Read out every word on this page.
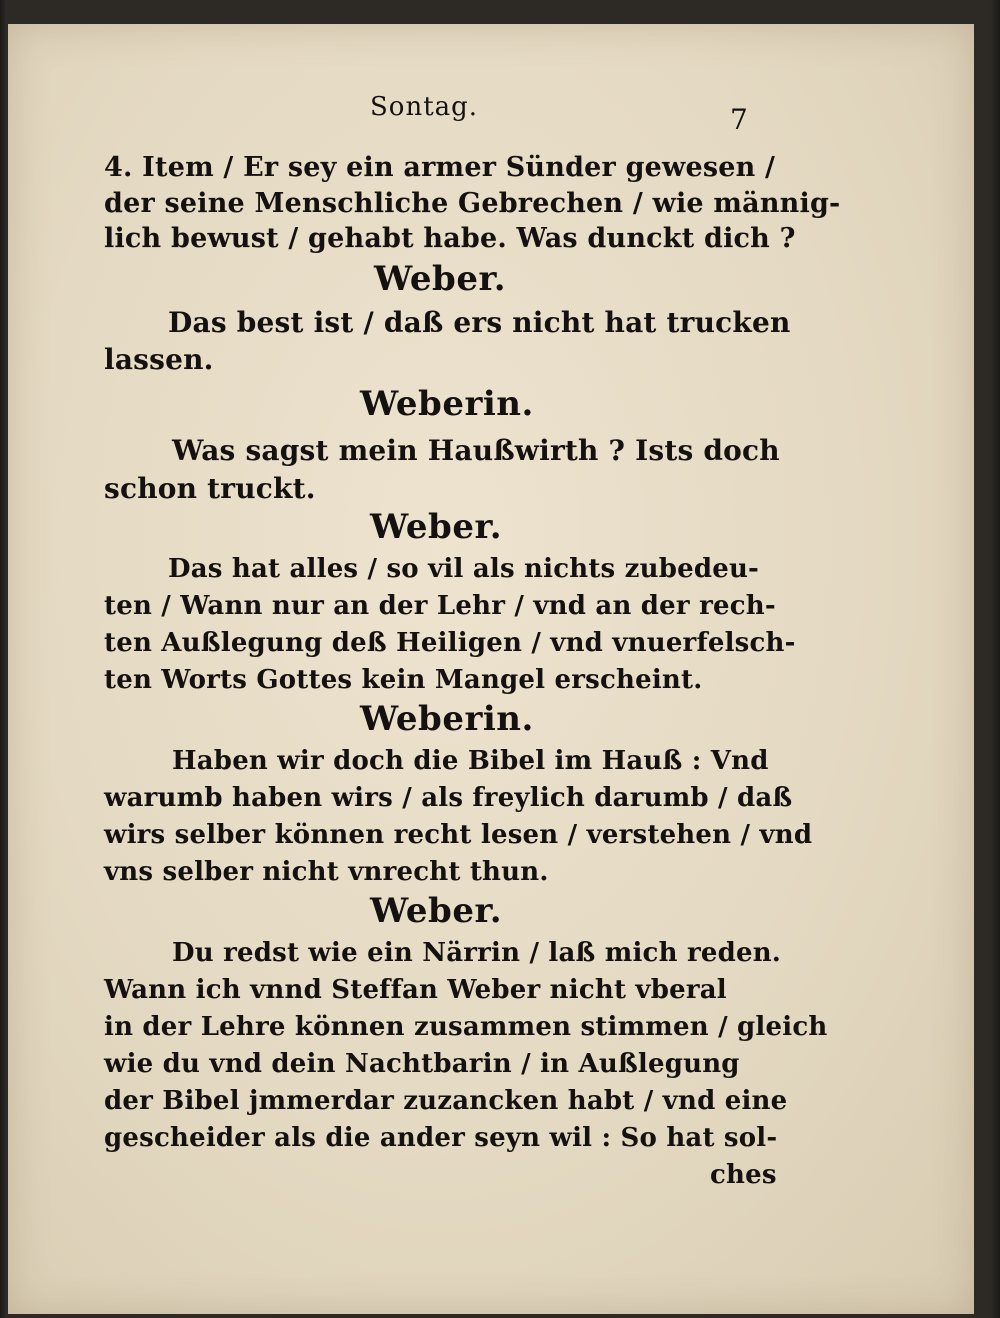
Sontag.	7
4. Item / Er sey ein armer Sünder gewesen /
der seine Menschliche Gebrechen / wie männig-
lich bewust / gehabt habe. Was dunckt dich ?
Weber.
Das best ist / daß ers nicht hat trucken
lassen.
Weberin.
Was sagst mein Haußwirth ? Ists doch
schon truckt.
Weber.
Das hat alles / so vil als nichts zubedeu-
ten / Wann nur an der Lehr / vnd an der rech-
ten Außlegung deß Heiligen / vnd vnuerfelsch-
ten Worts Gottes kein Mangel erscheint.
Weberin.
Haben wir doch die Bibel im Hauß : Vnd
warumb haben wirs / als freylich darumb / daß
wirs selber können recht lesen / verstehen / vnd
vns selber nicht vnrecht thun.
Weber.
Du redst wie ein Närrin / laß mich reden.
Wann ich vnnd Steffan Weber nicht vberal
in der Lehre können zusammen stimmen / gleich
wie du vnd dein Nachtbarin / in Außlegung
der Bibel jmmerdar zuzancken habt / vnd eine
gescheider als die ander seyn wil : So hat sol-
ches
